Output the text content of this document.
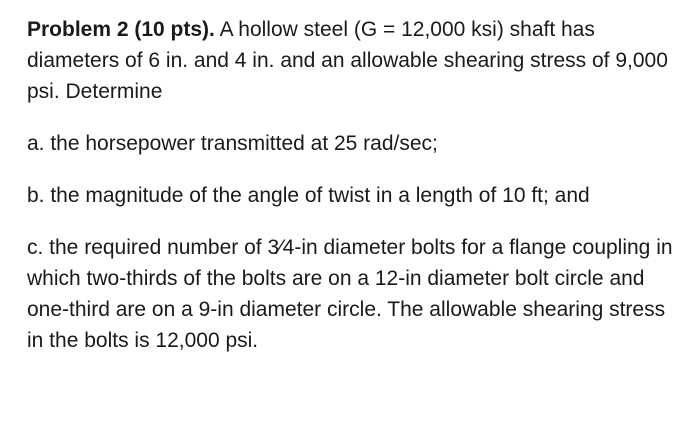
Problem 2 (10 pts). A hollow steel (G = 12,000 ksi) shaft has diameters of 6 in. and 4 in. and an allowable shearing stress of 9,000 psi. Determine

a. the horsepower transmitted at 25 rad/sec;

b. the magnitude of the angle of twist in a length of 10 ft; and

c. the required number of 3⁄4-in diameter bolts for a flange coupling in which two-thirds of the bolts are on a 12-in diameter bolt circle and one-third are on a 9-in diameter circle. The allowable shearing stress in the bolts is 12,000 psi.
